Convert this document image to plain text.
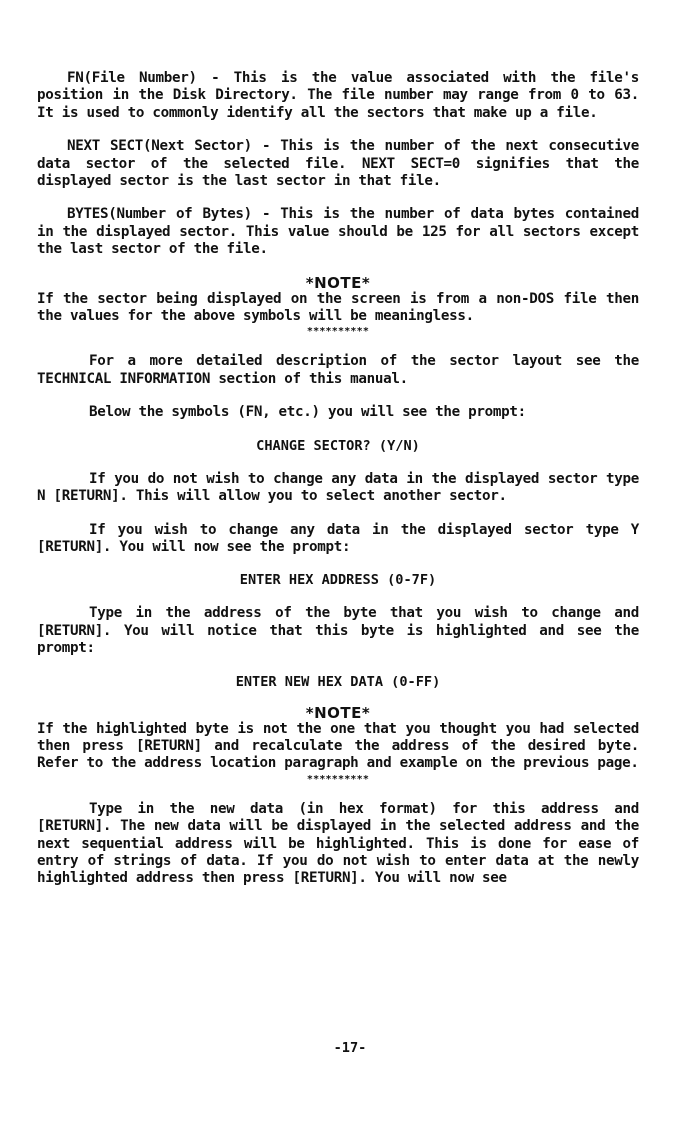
FN(File Number) - This is the value associated with the file's position in the Disk Directory. The file number may range from 0 to 63. It is used to commonly identify all the sectors that make up a file.

NEXT SECT(Next Sector) - This is the number of the next consecutive data sector of the selected file. NEXT SECT=0 signifies that the displayed sector is the last sector in that file.

BYTES(Number of Bytes) - This is the number of data bytes contained in the displayed sector. This value should be 125 for all sectors except the last sector of the file.

*NOTE*

If the sector being displayed on the screen is from a non-DOS file then the values for the above symbols will be meaningless.

**********

For a more detailed description of the sector layout see the TECHNICAL INFORMATION section of this manual.

Below the symbols (FN, etc.) you will see the prompt:

CHANGE SECTOR? (Y/N)

If you do not wish to change any data in the displayed sector type N [RETURN]. This will allow you to select another sector.

If you wish to change any data in the displayed sector type Y [RETURN]. You will now see the prompt:

ENTER HEX ADDRESS (0-7F)

Type in the address of the byte that you wish to change and [RETURN]. You will notice that this byte is highlighted and see the prompt:

ENTER NEW HEX DATA (0-FF)
*NOTE*

If the highlighted byte is not the one that you thought you had selected then press [RETURN] and recalculate the address of the desired byte. Refer to the address location paragraph and example on the previous page.

**********

Type in the new data (in hex format) for this address and [RETURN]. The new data will be displayed in the selected address and the next sequential address will be highlighted. This is done for ease of entry of strings of data. If you do not wish to enter data at the newly highlighted address then press [RETURN]. You will now see

-17-
